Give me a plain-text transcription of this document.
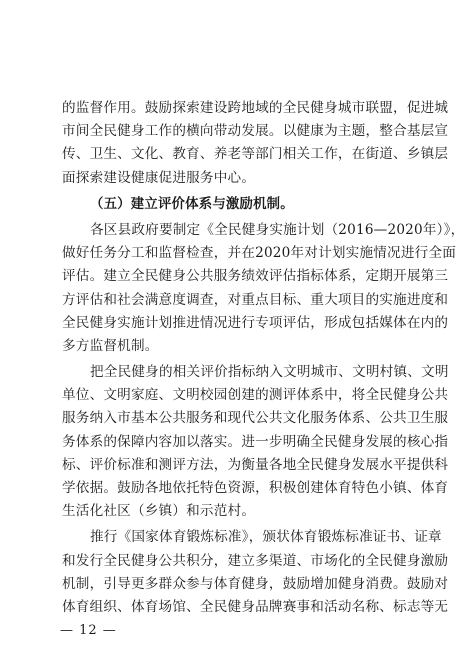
的监督作用。鼓励探索建设跨地域的全民健身城市联盟，促进城
市间全民健身工作的横向带动发展。以健康为主题，整合基层宣
传、卫生、文化、教育、养老等部门相关工作，在街道、乡镇层
面探索建设健康促进服务中心。
（五）建立评价体系与激励机制。
各区县政府要制定《全民健身实施计划（2016—2020年）》，
做好任务分工和监督检查，并在2020年对计划实施情况进行全面
评估。建立全民健身公共服务绩效评估指标体系，定期开展第三
方评估和社会满意度调查，对重点目标、重大项目的实施进度和
全民健身实施计划推进情况进行专项评估，形成包括媒体在内的
多方监督机制。
把全民健身的相关评价指标纳入文明城市、文明村镇、文明
单位、文明家庭、文明校园创建的测评体系中，将全民健身公共
服务纳入市基本公共服务和现代公共文化服务体系、公共卫生服
务体系的保障内容加以落实。进一步明确全民健身发展的核心指
标、评价标准和测评方法，为衡量各地全民健身发展水平提供科
学依据。鼓励各地依托特色资源，积极创建体育特色小镇、体育
生活化社区（乡镇）和示范村。
推行《国家体育锻炼标准》，颁状体育锻炼标准证书、证章
和发行全民健身公共积分，建立多渠道、市场化的全民健身激励
机制，引导更多群众参与体育健身，鼓励增加健身消费。鼓励对
体育组织、体育场馆、全民健身品牌赛事和活动名称、标志等无
— 12 —
